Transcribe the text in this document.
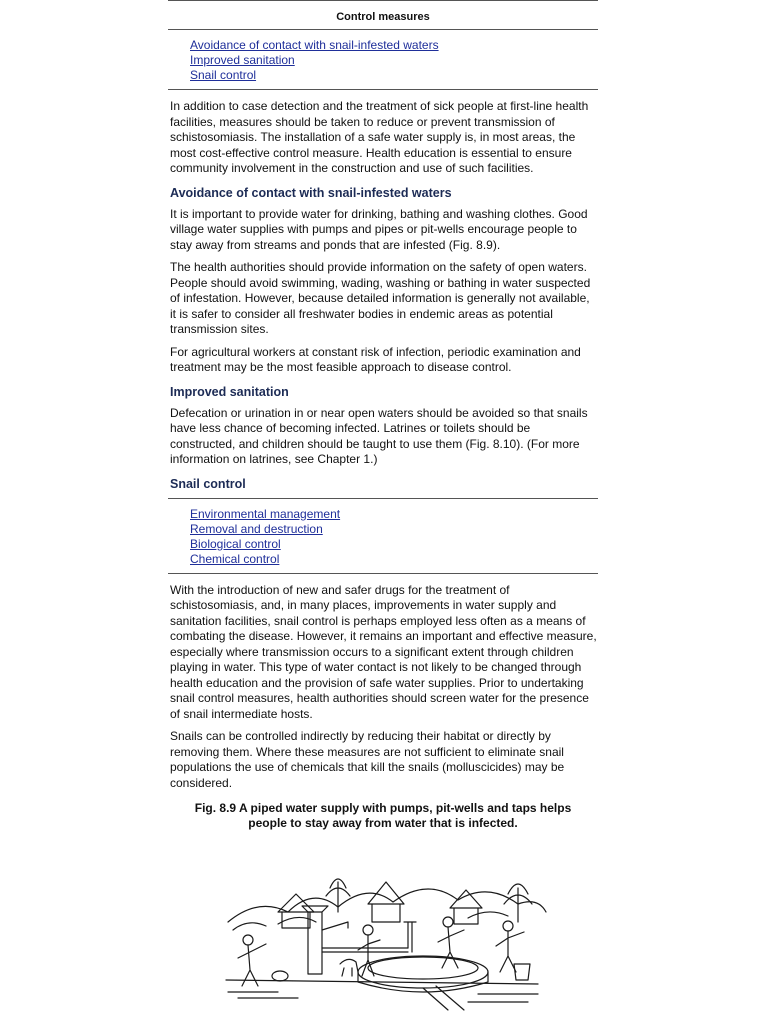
Control measures
Avoidance of contact with snail-infested waters
Improved sanitation
Snail control

In addition to case detection and the treatment of sick people at first-line health facilities, measures should be taken to reduce or prevent transmission of schistosomiasis. The installation of a safe water supply is, in most areas, the most cost-effective control measure. Health education is essential to ensure community involvement in the construction and use of such facilities.

Avoidance of contact with snail-infested waters

It is important to provide water for drinking, bathing and washing clothes. Good village water supplies with pumps and pipes or pit-wells encourage people to stay away from streams and ponds that are infested (Fig. 8.9).

The health authorities should provide information on the safety of open waters. People should avoid swimming, wading, washing or bathing in water suspected of infestation. However, because detailed information is generally not available, it is safer to consider all freshwater bodies in endemic areas as potential transmission sites.

For agricultural workers at constant risk of infection, periodic examination and treatment may be the most feasible approach to disease control.

Improved sanitation

Defecation or urination in or near open waters should be avoided so that snails have less chance of becoming infected. Latrines or toilets should be constructed, and children should be taught to use them (Fig. 8.10). (For more information on latrines, see Chapter 1.)

Snail control
Environmental management
Removal and destruction
Biological control
Chemical control

With the introduction of new and safer drugs for the treatment of schistosomiasis, and, in many places, improvements in water supply and sanitation facilities, snail control is perhaps employed less often as a means of combating the disease. However, it remains an important and effective measure, especially where transmission occurs to a significant extent through children playing in water. This type of water contact is not likely to be changed through health education and the provision of safe water supplies. Prior to undertaking snail control measures, health authorities should screen water for the presence of snail intermediate hosts.

Snails can be controlled indirectly by reducing their habitat or directly by removing them. Where these measures are not sufficient to eliminate snail populations the use of chemicals that kill the snails (molluscicides) may be considered.

Fig. 8.9 A piped water supply with pumps, pit-wells and taps helps
people to stay away from water that is infected.
